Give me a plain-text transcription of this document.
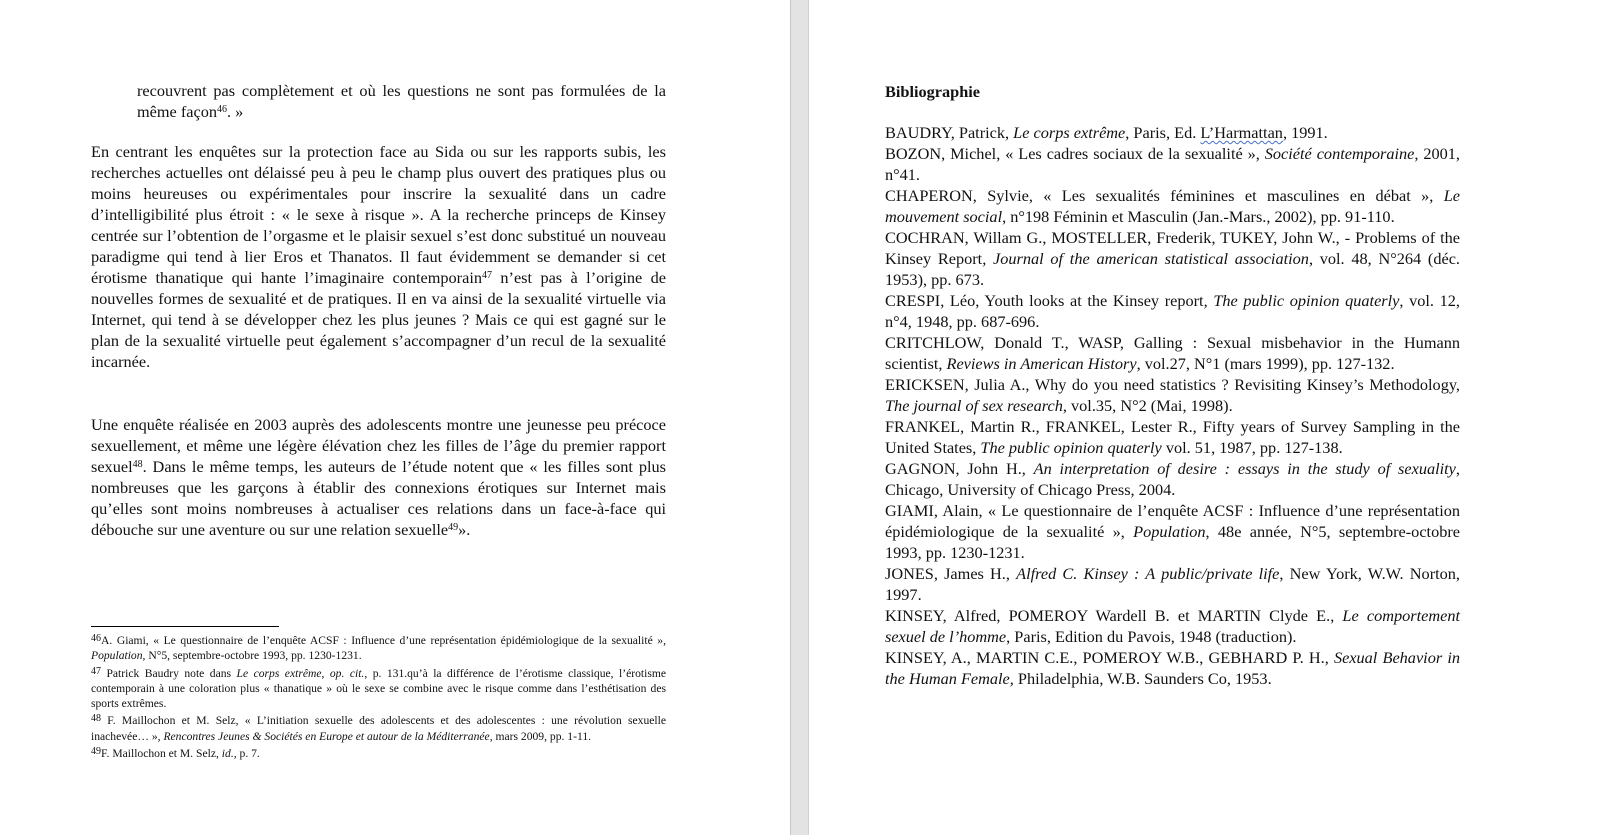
recouvrent pas complètement et où les questions ne sont pas formulées de la même façon$^{46}$. »

En centrant les enquêtes sur la protection face au Sida ou sur les rapports subis, les recherches actuelles ont délaissé peu à peu le champ plus ouvert des pratiques plus ou moins heureuses ou expérimentales pour inscrire la sexualité dans un cadre d’intelligibilité plus étroit : « le sexe à risque ». A la recherche princeps de Kinsey centrée sur l’obtention de l’orgasme et le plaisir sexuel s’est donc substitué un nouveau paradigme qui tend à lier Eros et Thanatos. Il faut évidemment se demander si cet érotisme thanatique qui hante l’imaginaire contemporain$^{47}$ n’est pas à l’origine de nouvelles formes de sexualité et de pratiques. Il en va ainsi de la sexualité virtuelle via Internet, qui tend à se développer chez les plus jeunes ? Mais ce qui est gagné sur le plan de la sexualité virtuelle peut également s’accompagner d’un recul de la sexualité incarnée.

Une enquête réalisée en 2003 auprès des adolescents montre une jeunesse peu précoce sexuellement, et même une légère élévation chez les filles de l’âge du premier rapport sexuel$^{48}$. Dans le même temps, les auteurs de l’étude notent que « les filles sont plus nombreuses que les garçons à établir des connexions érotiques sur Internet mais qu’elles sont moins nombreuses à actualiser ces relations dans un face-à-face qui débouche sur une aventure ou sur une relation sexuelle$^{49}$».

$^{46}$A. Giami, « Le questionnaire de l’enquête ACSF : Influence d’une représentation épidémiologique de la sexualité », Population, N°5, septembre-octobre 1993, pp. 1230-1231.

$^{47}$ Patrick Baudry note dans Le corps extrême, op. cit., p. 131.qu’à la différence de l’érotisme classique, l’érotisme contemporain à une coloration plus « thanatique » où le sexe se combine avec le risque comme dans l’esthétisation des sports extrêmes.

$^{48}$ F. Maillochon et M. Selz, « L’initiation sexuelle des adolescents et des adolescentes : une révolution sexuelle inachevée… », Rencontres Jeunes & Sociétés en Europe et autour de la Méditerranée, mars 2009, pp. 1-11.

$^{49}$F. Maillochon et M. Selz, id., p. 7.

Bibliographie

BAUDRY, Patrick, Le corps extrême, Paris, Ed. L’Harmattan, 1991.

BOZON, Michel, « Les cadres sociaux de la sexualité », Société contemporaine, 2001, n°41.

CHAPERON, Sylvie, « Les sexualités féminines et masculines en débat », Le mouvement social, n°198 Féminin et Masculin (Jan.-Mars., 2002), pp. 91-110.

COCHRAN, Willam G., MOSTELLER, Frederik, TUKEY, John W., - Problems of the Kinsey Report, Journal of the american statistical association, vol. 48, N°264 (déc. 1953), pp. 673.

CRESPI, Léo, Youth looks at the Kinsey report, The public opinion quaterly, vol. 12, n°4, 1948, pp. 687-696.

CRITCHLOW, Donald T., WASP, Galling : Sexual misbehavior in the Humann scientist, Reviews in American History, vol.27, N°1 (mars 1999), pp. 127-132.

ERICKSEN, Julia A., Why do you need statistics ? Revisiting Kinsey’s Methodology, The journal of sex research, vol.35, N°2 (Mai, 1998).

FRANKEL, Martin R., FRANKEL, Lester R., Fifty years of Survey Sampling in the United States, The public opinion quaterly vol. 51, 1987, pp. 127-138.

GAGNON, John H., An interpretation of desire : essays in the study of sexuality, Chicago, University of Chicago Press, 2004.

GIAMI, Alain, « Le questionnaire de l’enquête ACSF : Influence d’une représentation épidémiologique de la sexualité », Population, 48e année, N°5, septembre-octobre 1993, pp. 1230-1231.

JONES, James H., Alfred C. Kinsey : A public/private life, New York, W.W. Norton, 1997.

KINSEY, Alfred, POMEROY Wardell B. et MARTIN Clyde E., Le comportement sexuel de l’homme, Paris, Edition du Pavois, 1948 (traduction).

KINSEY, A., MARTIN C.E., POMEROY W.B., GEBHARD P. H., Sexual Behavior in the Human Female, Philadelphia, W.B. Saunders Co, 1953.
